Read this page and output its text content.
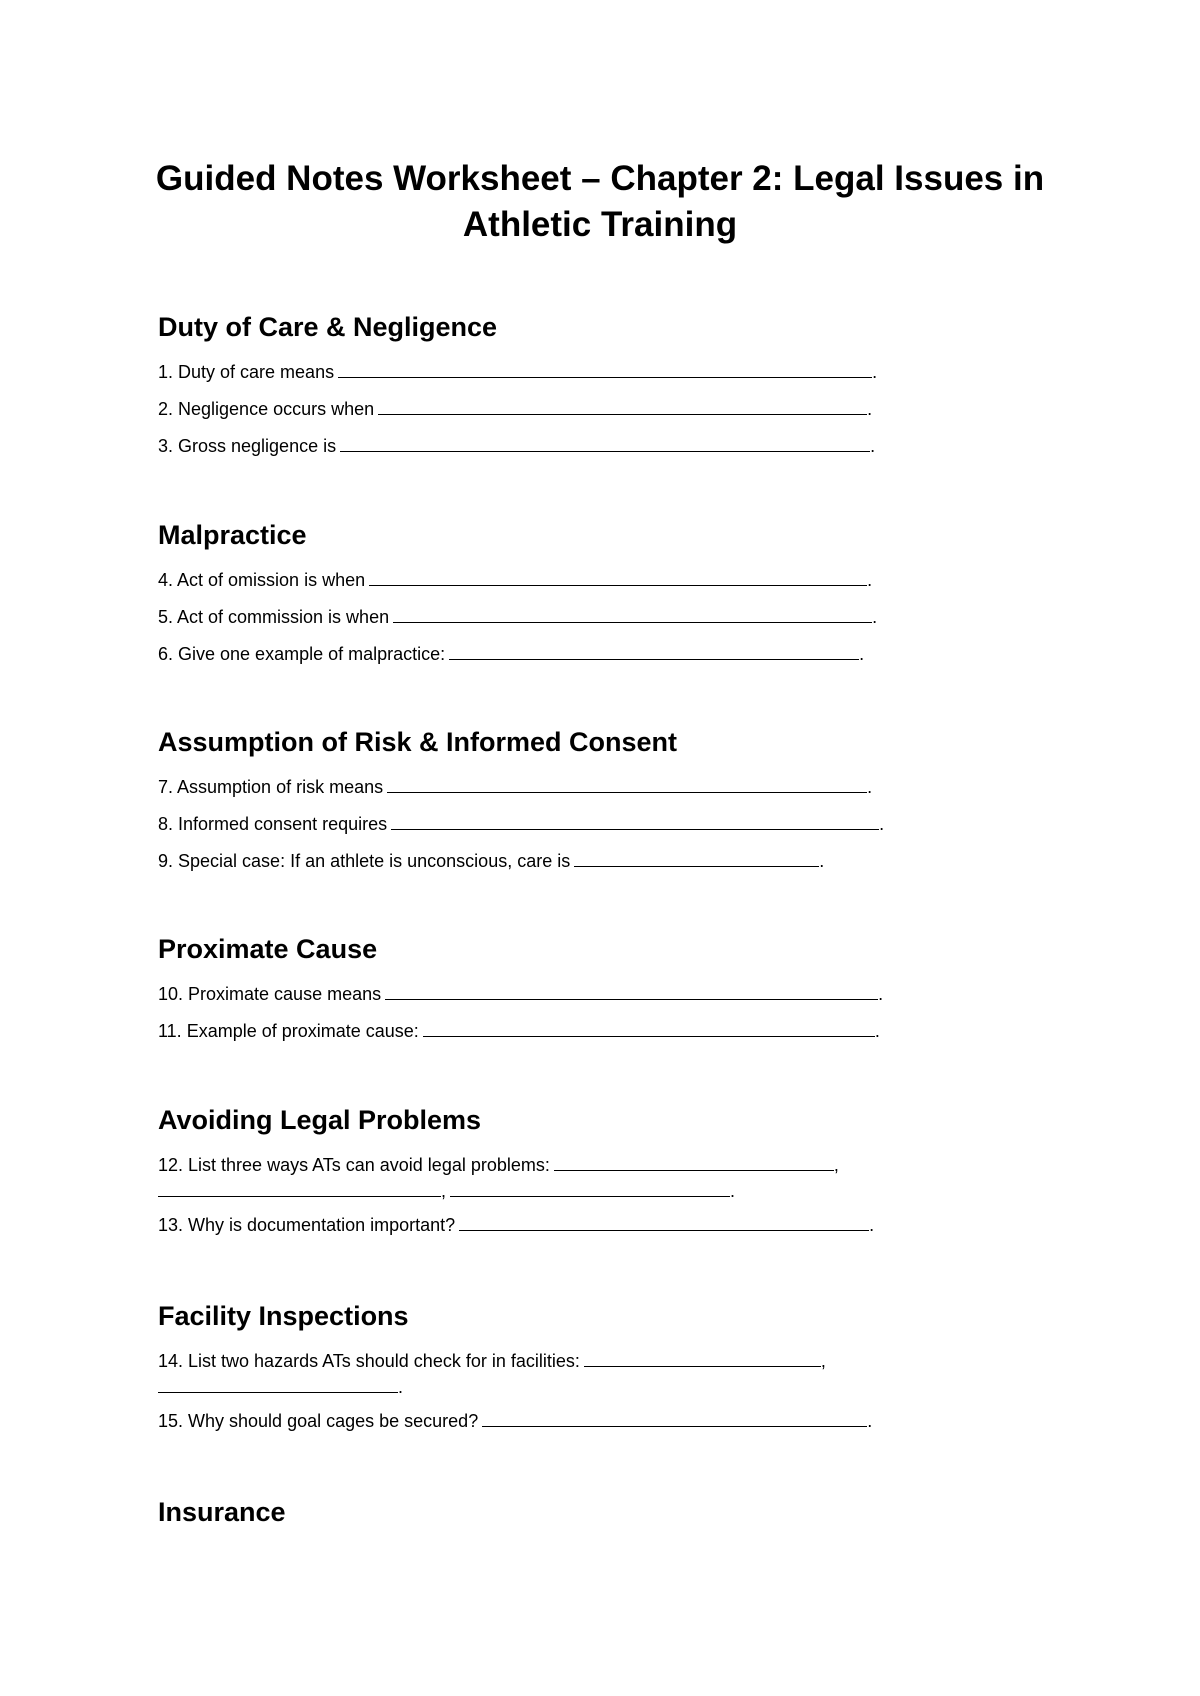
Guided Notes Worksheet – Chapter 2: Legal Issues in Athletic Training
Duty of Care & Negligence
1. Duty of care means	.
2. Negligence occurs when	.
3. Gross negligence is	.
Malpractice
4. Act of omission is when	.
5. Act of commission is when	.
6. Give one example of malpractice:	.
Assumption of Risk & Informed Consent
7. Assumption of risk means	.
8. Informed consent requires	.
9. Special case: If an athlete is unconscious, care is	.
Proximate Cause
10. Proximate cause means	.
11. Example of proximate cause:	.
Avoiding Legal Problems
12. List three ways ATs can avoid legal problems:	,
,	.
13. Why is documentation important?	.
Facility Inspections
14. List two hazards ATs should check for in facilities:	,
.
15. Why should goal cages be secured?	.
Insurance
